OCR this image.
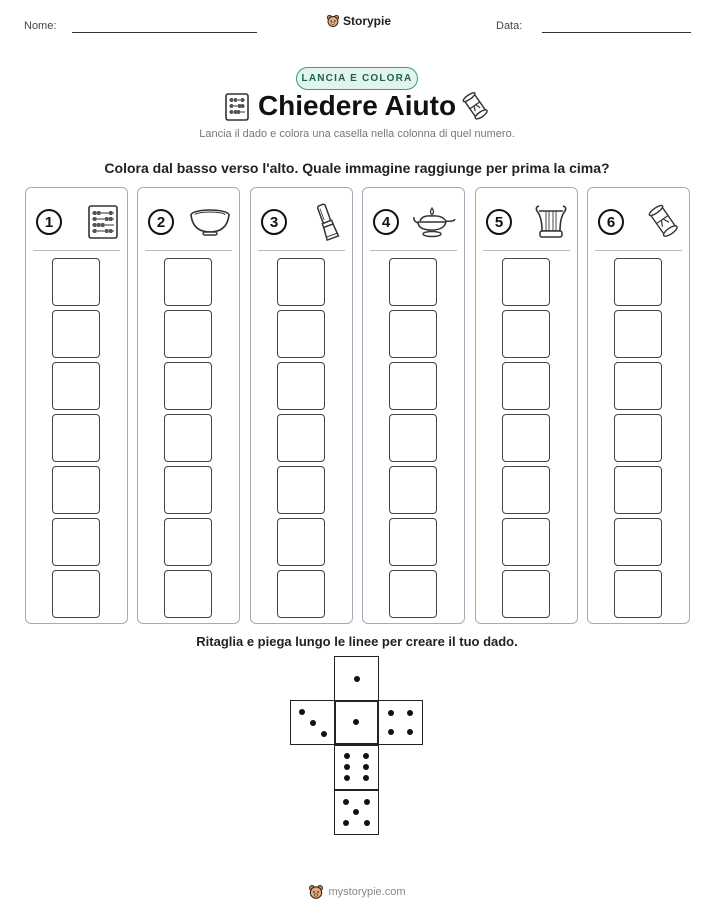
Nome:	Storypie	Data:
LANCIA E COLORA
Chiedere Aiuto
Lancia il dado e colora una casella nella colonna di quel numero.
Colora dal basso verso l'alto. Quale immagine raggiunge per prima la cima?
1	2	3	4	5	6
Ritaglia e piega lungo le linee per creare il tuo dado.
mystorypie.com
